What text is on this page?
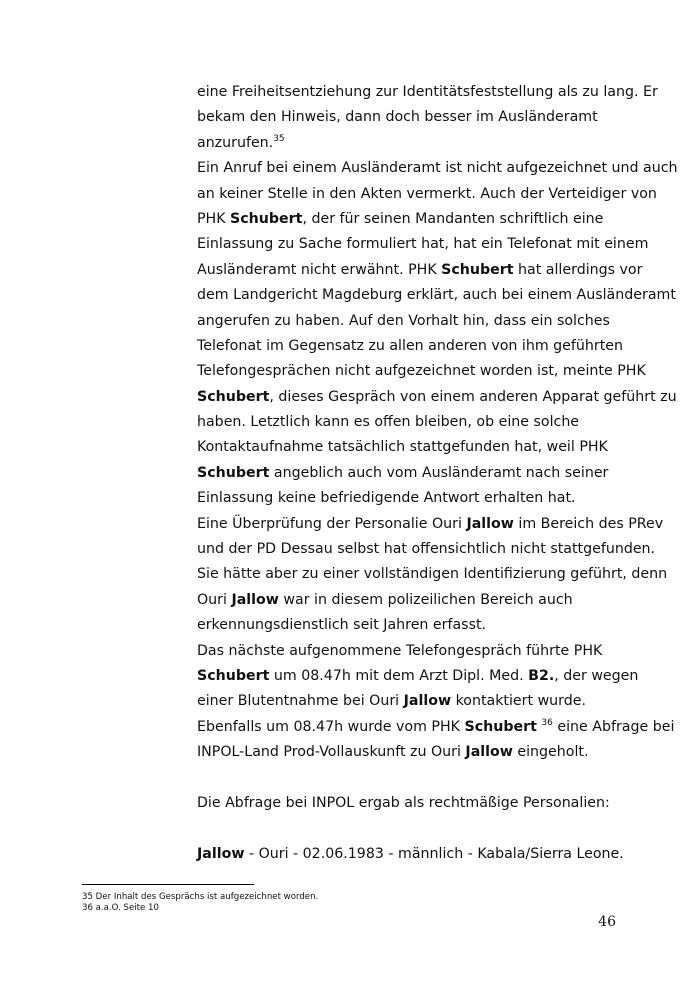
eine Freiheitsentziehung zur Identitätsfeststellung als zu lang. Er
bekam den Hinweis, dann doch besser im Ausländeramt
anzurufen.$^{35}$
Ein Anruf bei einem Ausländeramt ist nicht aufgezeichnet und auch
an keiner Stelle in den Akten vermerkt. Auch der Verteidiger von
PHK Schubert, der für seinen Mandanten schriftlich eine
Einlassung zu Sache formuliert hat, hat ein Telefonat mit einem
Ausländeramt nicht erwähnt. PHK Schubert hat allerdings vor
dem Landgericht Magdeburg erklärt, auch bei einem Ausländeramt
angerufen zu haben. Auf den Vorhalt hin, dass ein solches
Telefonat im Gegensatz zu allen anderen von ihm geführten
Telefongesprächen nicht aufgezeichnet worden ist, meinte PHK
Schubert, dieses Gespräch von einem anderen Apparat geführt zu
haben. Letztlich kann es offen bleiben, ob eine solche
Kontaktaufnahme tatsächlich stattgefunden hat, weil PHK
Schubert angeblich auch vom Ausländeramt nach seiner
Einlassung keine befriedigende Antwort erhalten hat.
Eine Überprüfung der Personalie Ouri Jallow im Bereich des PRev
und der PD Dessau selbst hat offensichtlich nicht stattgefunden.
Sie hätte aber zu einer vollständigen Identifizierung geführt, denn
Ouri Jallow war in diesem polizeilichen Bereich auch
erkennungsdienstlich seit Jahren erfasst.
Das nächste aufgenommene Telefongespräch führte PHK
Schubert um 08.47h mit dem Arzt Dipl. Med. B2., der wegen
einer Blutentnahme bei Ouri Jallow kontaktiert wurde.
Ebenfalls um 08.47h wurde vom PHK Schubert $^{36}$ eine Abfrage bei
INPOL-Land Prod-Vollauskunft zu Ouri Jallow eingeholt.
Die Abfrage bei INPOL ergab als rechtmäßige Personalien:
Jallow - Ouri - 02.06.1983 - männlich - Kabala/Sierra Leone.
35 Der Inhalt des Gesprächs ist aufgezeichnet worden.
36 a.a.O. Seite 10
46
